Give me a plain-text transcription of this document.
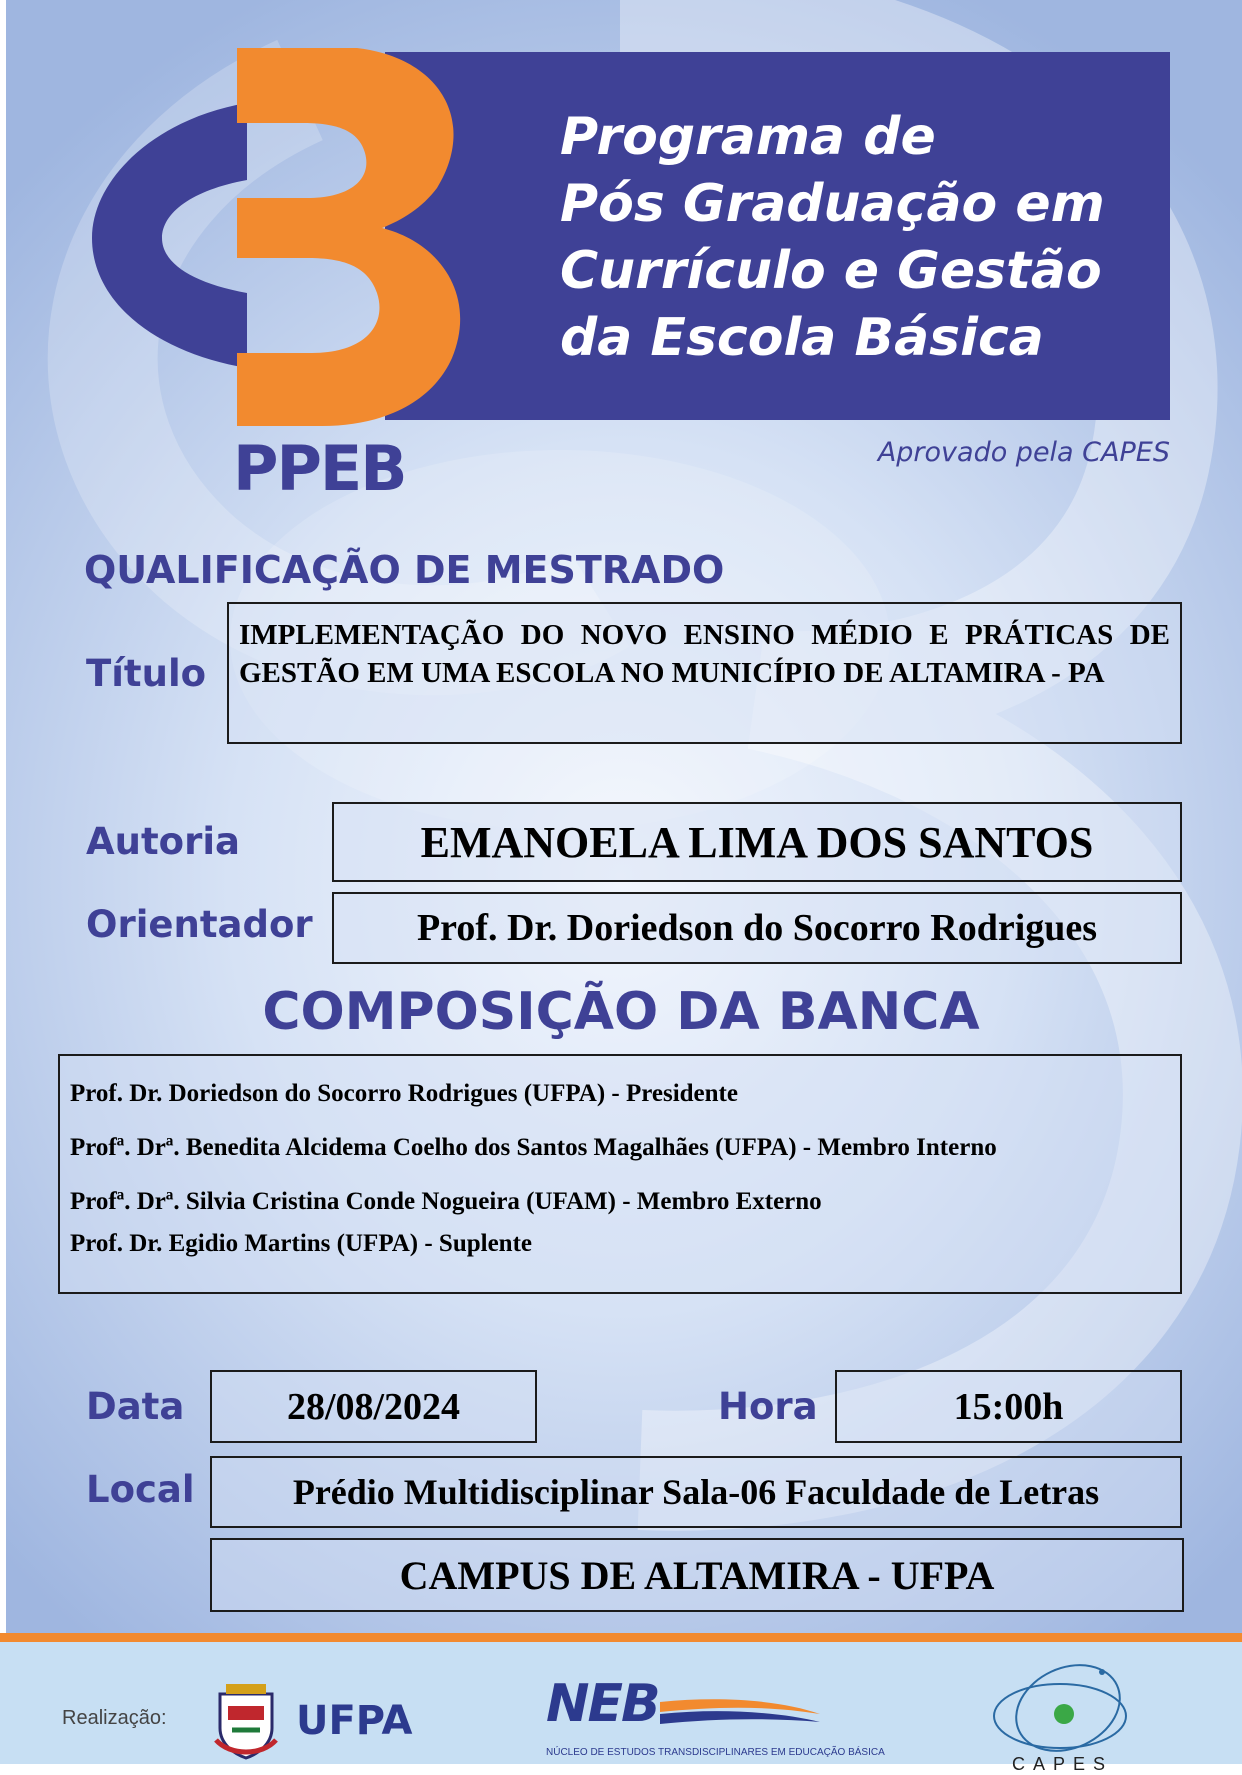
Programa de
Pós Graduação em
Currículo e Gestão
da Escola Básica
PPEB	Aprovado pela CAPES
QUALIFICAÇÃO DE MESTRADO
Título
IMPLEMENTAÇÃO DO NOVO ENSINO MÉDIO E PRÁTICAS DE GESTÃO EM UMA ESCOLA NO MUNICÍPIO DE ALTAMIRA - PA
Autoria	EMANOELA LIMA DOS SANTOS
Orientador	Prof. Dr. Doriedson do Socorro Rodrigues
COMPOSIÇÃO DA BANCA
Prof. Dr. Doriedson do Socorro Rodrigues (UFPA) - Presidente
Profª. Drª. Benedita Alcidema Coelho dos Santos Magalhães (UFPA) - Membro Interno
Profª. Drª. Silvia Cristina Conde Nogueira (UFAM) - Membro Externo
Prof. Dr. Egidio Martins (UFPA) - Suplente
Data	28/08/2024	Hora	15:00h
Local	Prédio Multidisciplinar Sala-06 Faculdade de Letras
CAMPUS DE ALTAMIRA - UFPA
Realização:	UFPA	NEB
NÚCLEO DE ESTUDOS TRANSDISCIPLINARES EM EDUCAÇÃO BÁSICA
CAPES
